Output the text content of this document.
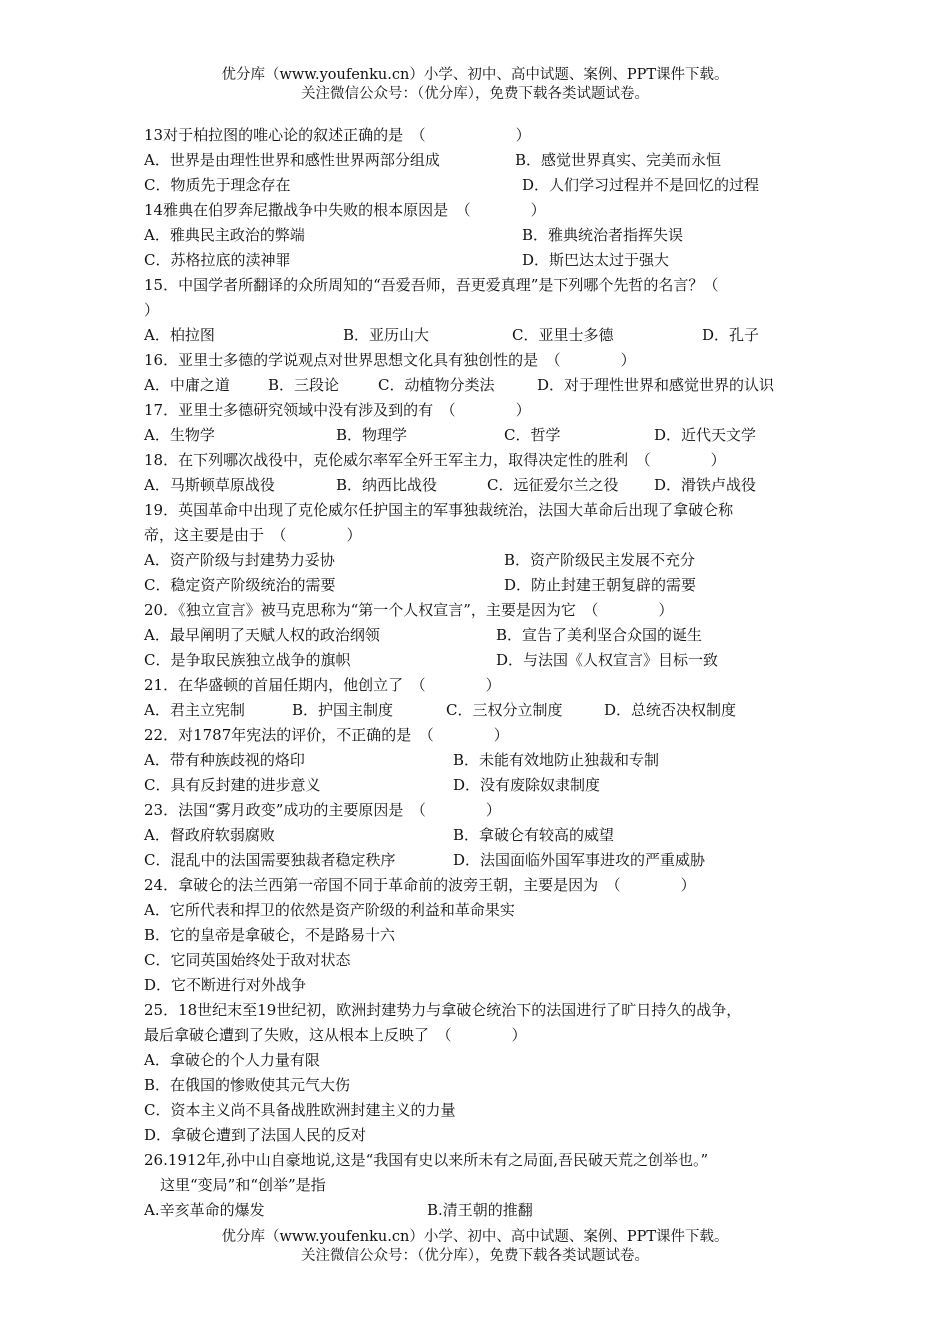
优分库（www.youfenku.cn）小学、初中、高中试题、案例、PPT课件下载。
关注微信公众号：（优分库），免费下载各类试题试卷。
13对于柏拉图的唯心论的叙述正确的是　（　　　　　　）
A．世界是由理性世界和感性世界两部分组成	B．感觉世界真实、完美而永恒
C．物质先于理念存在	D．人们学习过程并不是回忆的过程
14雅典在伯罗奔尼撒战争中失败的根本原因是　（　　　　）
A．雅典民主政治的弊端	B．雅典统治者指挥失误
C．苏格拉底的渎神罪	D．斯巴达太过于强大
15．中国学者所翻译的众所周知的“吾爱吾师，吾更爱真理”是下列哪个先哲的名言？（
）
A．柏拉图	B．亚历山大	C．亚里士多德	D．孔子
16．亚里士多德的学说观点对世界思想文化具有独创性的是　（　　　　）
A．中庸之道	B．三段论	C．动植物分类法	D．对于理性世界和感觉世界的认识
17．亚里士多德研究领域中没有涉及到的有　（　　　　）
A．生物学	B．物理学	C．哲学	D．近代天文学
18．在下列哪次战役中，克伦威尔率军全歼王军主力，取得决定性的胜利　（　　　　）
A．马斯顿草原战役	B．纳西比战役	C．远征爱尔兰之役 D．滑铁卢战役
19．英国革命中出现了克伦威尔任护国主的军事独裁统治，法国大革命后出现了拿破仑称
帝，这主要是由于　（　　　　）
A．资产阶级与封建势力妥协	B．资产阶级民主发展不充分
C．稳定资产阶级统治的需要	D．防止封建王朝复辟的需要
20．《独立宣言》被马克思称为“第一个人权宣言”，主要是因为它　（　　　　）
A．最早阐明了天赋人权的政治纲领	B．宣告了美利坚合众国的诞生
C．是争取民族独立战争的旗帜	D．与法国《人权宣言》目标一致
21．在华盛顿的首届任期内，他创立了　（　　　　）
A．君主立宪制	B．护国主制度	C．三权分立制度	D．总统否决权制度
22．对1787年宪法的评价，不正确的是　（　　　　）
A．带有种族歧视的烙印	B．未能有效地防止独裁和专制
C．具有反封建的进步意义	D．没有废除奴隶制度
23．法国“雾月政变”成功的主要原因是　（　　　　）
A．督政府软弱腐败	B．拿破仑有较高的威望
C．混乱中的法国需要独裁者稳定秩序	D．法国面临外国军事进攻的严重威胁
24．拿破仑的法兰西第一帝国不同于革命前的波旁王朝，主要是因为　（　　　　）
A．它所代表和捍卫的依然是资产阶级的利益和革命果实
B．它的皇帝是拿破仑，不是路易十六
C．它同英国始终处于敌对状态
D．它不断进行对外战争
25．18世纪末至19世纪初，欧洲封建势力与拿破仑统治下的法国进行了旷日持久的战争，
最后拿破仑遭到了失败，这从根本上反映了　（　　　　）
A．拿破仑的个人力量有限
B．在俄国的惨败使其元气大伤
C．资本主义尚不具备战胜欧洲封建主义的力量
D．拿破仑遭到了法国人民的反对
26.1912年,孙中山自豪地说,这是“我国有史以来所未有之局面,吾民破天荒之创举也。”
这里“变局”和“创举”是指
A.辛亥革命的爆发	B.清王朝的推翻
优分库（www.youfenku.cn）小学、初中、高中试题、案例、PPT课件下载。
关注微信公众号：（优分库），免费下载各类试题试卷。
